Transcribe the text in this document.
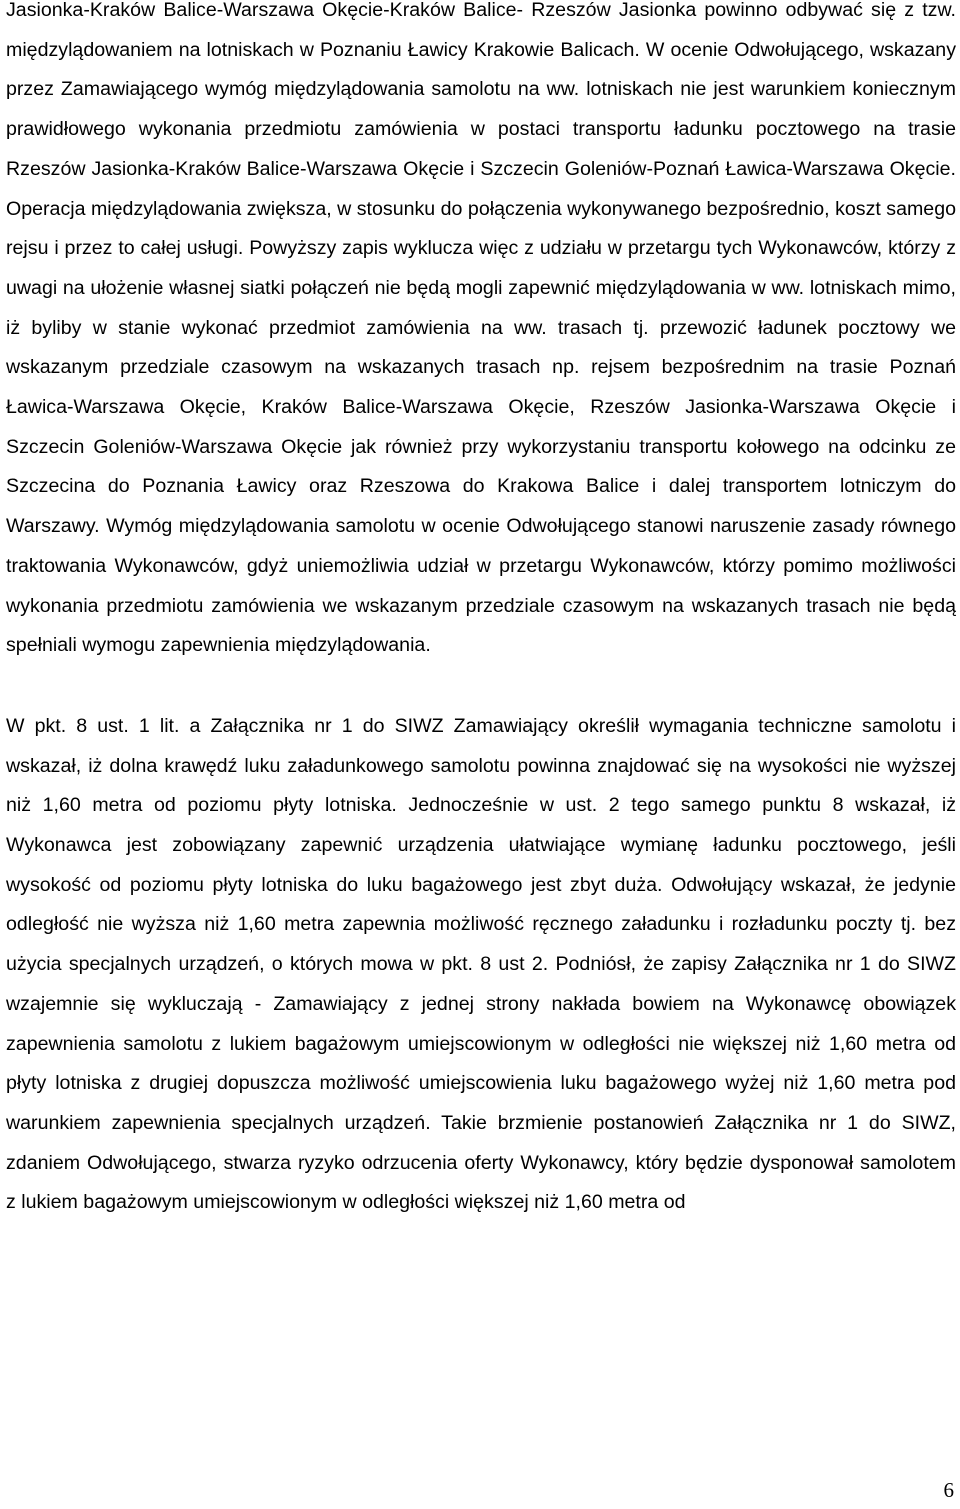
Jasionka-Kraków Balice-Warszawa Okęcie-Kraków Balice- Rzeszów Jasionka powinno odbywać się z tzw. międzylądowaniem na lotniskach w Poznaniu Ławicy Krakowie Balicach. W ocenie Odwołującego, wskazany przez Zamawiającego wymóg międzylądowania samolotu na ww. lotniskach nie jest warunkiem koniecznym prawidłowego wykonania przedmiotu zamówienia w postaci transportu ładunku pocztowego na trasie Rzeszów Jasionka-Kraków Balice-Warszawa Okęcie i Szczecin Goleniów-Poznań Ławica-Warszawa Okęcie. Operacja międzylądowania zwiększa, w stosunku do połączenia wykonywanego bezpośrednio, koszt samego rejsu i przez to całej usługi. Powyższy zapis wyklucza więc z udziału w przetargu tych Wykonawców, którzy z uwagi na ułożenie własnej siatki połączeń nie będą mogli zapewnić międzylądowania w ww. lotniskach mimo, iż byliby w stanie wykonać przedmiot zamówienia na ww. trasach tj. przewozić ładunek pocztowy we wskazanym przedziale czasowym na wskazanych trasach np. rejsem bezpośrednim na trasie Poznań Ławica-Warszawa Okęcie, Kraków Balice-Warszawa Okęcie, Rzeszów Jasionka-Warszawa Okęcie i Szczecin Goleniów-Warszawa Okęcie jak również przy wykorzystaniu transportu kołowego na odcinku ze Szczecina do Poznania Ławicy oraz Rzeszowa do Krakowa Balice i dalej transportem lotniczym do Warszawy. Wymóg międzylądowania samolotu w ocenie Odwołującego stanowi naruszenie zasady równego traktowania Wykonawców, gdyż uniemożliwia udział w przetargu Wykonawców, którzy pomimo możliwości wykonania przedmiotu zamówienia we wskazanym przedziale czasowym na wskazanych trasach nie będą spełniali wymogu zapewnienia międzylądowania.

W pkt. 8 ust. 1 lit. a Załącznika nr 1 do SIWZ Zamawiający określił wymagania techniczne samolotu i wskazał, iż dolna krawędź luku załadunkowego samolotu powinna znajdować się na wysokości nie wyższej niż 1,60 metra od poziomu płyty lotniska. Jednocześnie w ust. 2 tego samego punktu 8 wskazał, iż Wykonawca jest zobowiązany zapewnić urządzenia ułatwiające wymianę ładunku pocztowego, jeśli wysokość od poziomu płyty lotniska do luku bagażowego jest zbyt duża. Odwołujący wskazał, że jedynie odległość nie wyższa niż 1,60 metra zapewnia możliwość ręcznego załadunku i rozładunku poczty tj. bez użycia specjalnych urządzeń, o których mowa w pkt. 8 ust 2. Podniósł, że zapisy Załącznika nr 1 do SIWZ wzajemnie się wykluczają - Zamawiający z jednej strony nakłada bowiem na Wykonawcę obowiązek zapewnienia samolotu z lukiem bagażowym umiejscowionym w odległości nie większej niż 1,60 metra od płyty lotniska z drugiej dopuszcza możliwość umiejscowienia luku bagażowego wyżej niż 1,60 metra pod warunkiem zapewnienia specjalnych urządzeń. Takie brzmienie postanowień Załącznika nr 1 do SIWZ, zdaniem Odwołującego, stwarza ryzyko odrzucenia oferty Wykonawcy, który będzie dysponował samolotem z lukiem bagażowym umiejscowionym w odległości większej niż 1,60 metra od

6
